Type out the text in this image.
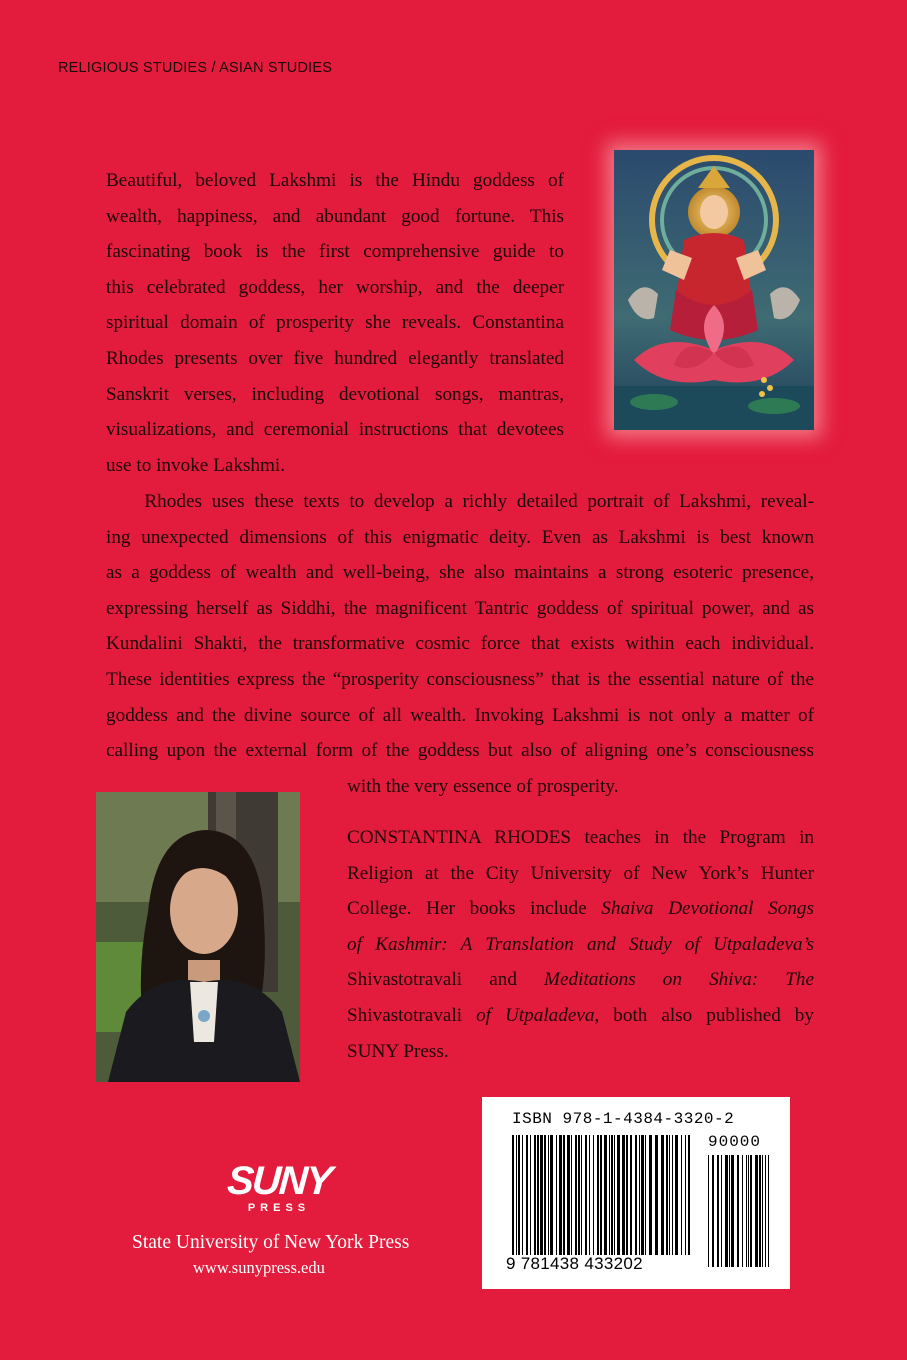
RELIGIOUS STUDIES / ASIAN STUDIES
Beautiful, beloved Lakshmi is the Hindu goddess of
wealth, happiness, and abundant good fortune. This
fascinating book is the first comprehensive guide to
this celebrated goddess, her worship, and the deeper
spiritual domain of prosperity she reveals. Constantina
Rhodes presents over five hundred elegantly translated
Sanskrit verses, including devotional songs, mantras,
visualizations, and ceremonial instructions that devotees
use to invoke Lakshmi.
  Rhodes uses these texts to develop a richly detailed portrait of Lakshmi, reveal-
ing unexpected dimensions of this enigmatic deity. Even as Lakshmi is best known
as a goddess of wealth and well-being, she also maintains a strong esoteric presence,
expressing herself as Siddhi, the magnificent Tantric goddess of spiritual power, and as
Kundalini Shakti, the transformative cosmic force that exists within each individual.
These identities express the “prosperity consciousness” that is the essential nature of the
goddess and the divine source of all wealth. Invoking Lakshmi is not only a matter of
calling upon the external form of the goddess but also of aligning one’s consciousness
with the very essence of prosperity.
CONSTANTINA RHODES teaches in the Program in
Religion at the City University of New York’s Hunter
College. Her books include Shaiva Devotional Songs
of Kashmir: A Translation and Study of Utpaladeva’s
Shivastotravali and Meditations on Shiva: The
Shivastotravali of Utpaladeva, both also published by
SUNY Press.
SUNY
PRESS
State University of New York Press
www.sunypress.edu
ISBN 978-1-4384-3320-2
90000
9 781438 433202
